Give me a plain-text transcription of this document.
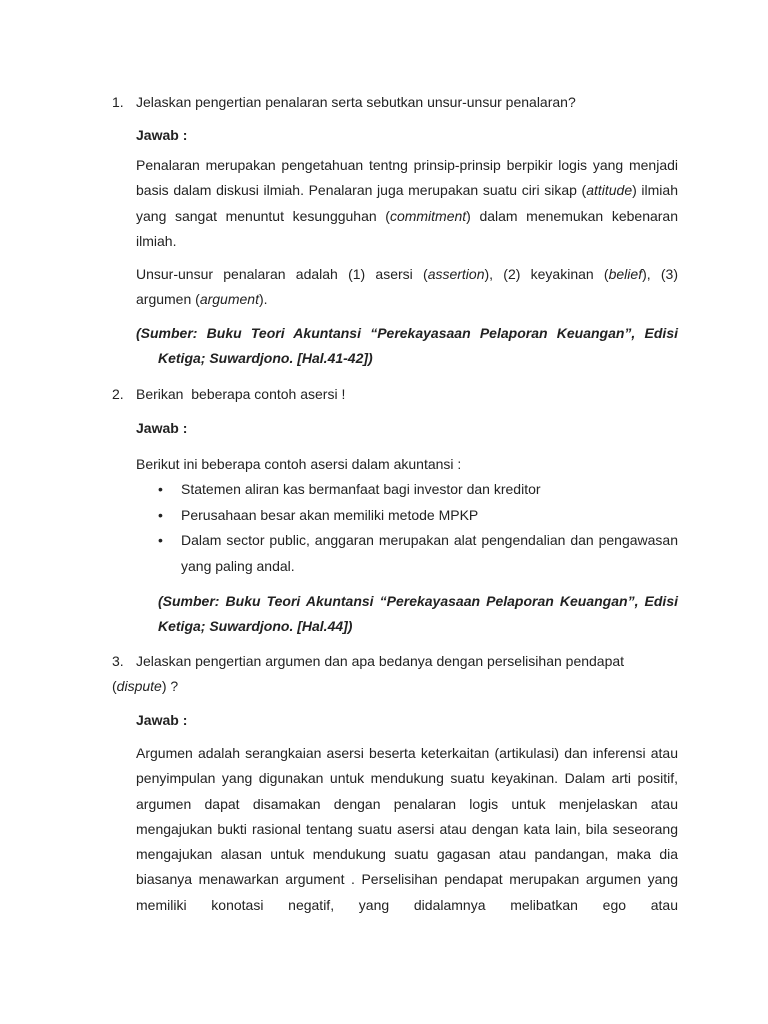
1. Jelaskan pengertian penalaran serta sebutkan unsur-unsur penalaran?

Jawab :

Penalaran merupakan pengetahuan tentng prinsip-prinsip berpikir logis yang menjadi basis dalam diskusi ilmiah. Penalaran juga merupakan suatu ciri sikap (attitude) ilmiah yang sangat menuntut kesungguhan (commitment) dalam menemukan kebenaran ilmiah.

Unsur-unsur penalaran adalah (1) asersi (assertion), (2) keyakinan (belief), (3) argumen (argument).

(Sumber: Buku Teori Akuntansi “Perekayasaan Pelaporan Keuangan”, Edisi
Ketiga; Suwardjono. [Hal.41-42])

2. Berikan  beberapa contoh asersi !

Jawab :

Berikut ini beberapa contoh asersi dalam akuntansi :

• Statemen aliran kas bermanfaat bagi investor dan kreditor
• Perusahaan besar akan memiliki metode MPKP
• Dalam sector public, anggaran merupakan alat pengendalian dan pengawasan yang paling andal.

(Sumber: Buku Teori Akuntansi “Perekayasaan Pelaporan Keuangan”, Edisi
Ketiga; Suwardjono. [Hal.44])

3. Jelaskan pengertian argumen dan apa bedanya dengan perselisihan pendapat (dispute) ?

Jawab :

Argumen adalah serangkaian asersi beserta keterkaitan (artikulasi) dan inferensi atau penyimpulan yang digunakan untuk mendukung suatu keyakinan. Dalam arti positif, argumen dapat disamakan dengan penalaran logis untuk menjelaskan atau mengajukan bukti rasional tentang suatu asersi atau dengan kata lain, bila seseorang mengajukan alasan untuk mendukung suatu gagasan atau pandangan, maka dia biasanya menawarkan argument . Perselisihan pendapat merupakan argumen yang memiliki konotasi negatif, yang didalamnya melibatkan ego atau
